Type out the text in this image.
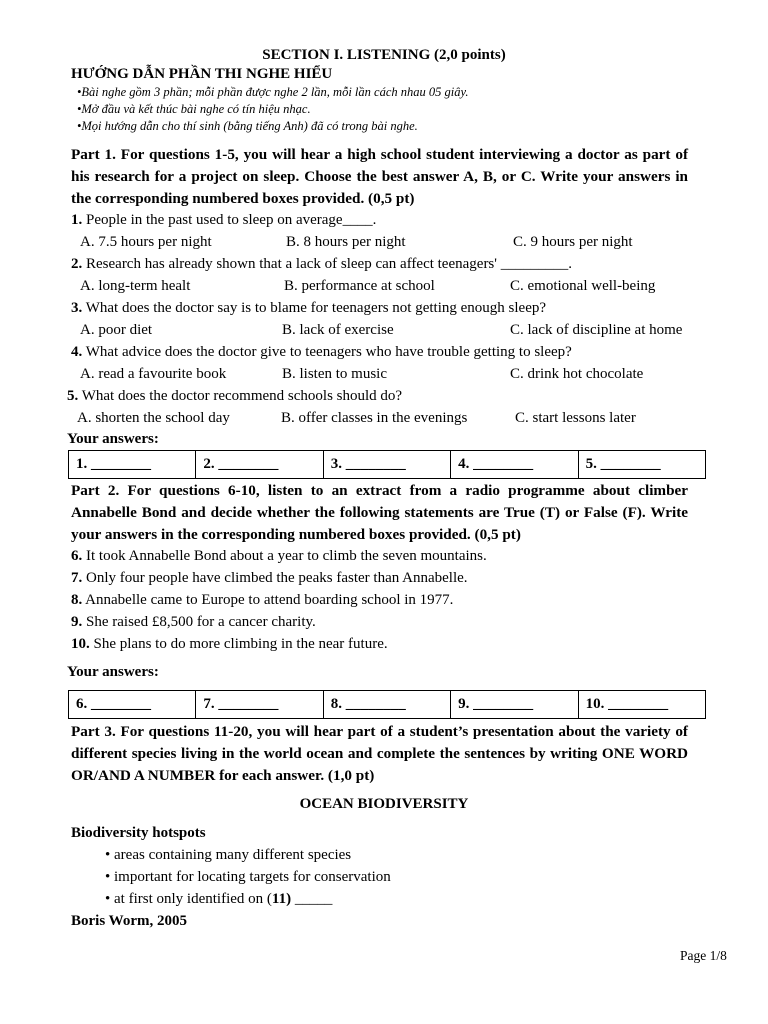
SECTION I. LISTENING (2,0 points)
HƯỚNG DẪN PHẦN THI NGHE HIỂU
•Bài nghe gồm 3 phần; mỗi phần được nghe 2 lần, mỗi lần cách nhau 05 giây.
•Mở đầu và kết thúc bài nghe có tín hiệu nhạc.
•Mọi hướng dẫn cho thí sinh (bằng tiếng Anh) đã có trong bài nghe.
Part 1. For questions 1-5, you will hear a high school student interviewing a doctor as part of his research for a project on sleep. Choose the best answer A, B, or C. Write your answers in the corresponding numbered boxes provided. (0,5 pt)
1. People in the past used to sleep on average____.
A. 7.5 hours per night	B. 8 hours per night	C. 9 hours per night
2. Research has already shown that a lack of sleep can affect teenagers' _________.
A. long-term healt	B. performance at school	C. emotional well-being
3. What does the doctor say is to blame for teenagers not getting enough sleep?
A. poor diet	B. lack of exercise	C. lack of discipline at home
4. What advice does the doctor give to teenagers who have trouble getting to sleep?
A. read a favourite book	B. listen to music	C. drink hot chocolate
5. What does the doctor recommend schools should do?
A. shorten the school day	B. offer classes in the evenings	C. start lessons later
Your answers:
1. ________	2. ________	3. ________	4. ________	5. ________
Part 2. For questions 6-10, listen to an extract from a radio programme about climber Annabelle Bond and decide whether the following statements are True (T) or False (F). Write your answers in the corresponding numbered boxes provided. (0,5 pt)
6. It took Annabelle Bond about a year to climb the seven mountains.
7. Only four people have climbed the peaks faster than Annabelle.
8. Annabelle came to Europe to attend boarding school in 1977.
9. She raised £8,500 for a cancer charity.
10. She plans to do more climbing in the near future.
Your answers:
6. ________	7. ________	8. ________	9. ________	10. ________
Part 3. For questions 11-20, you will hear part of a student’s presentation about the variety of different species living in the world ocean and complete the sentences by writing ONE WORD OR/AND A NUMBER for each answer. (1,0 pt)
OCEAN BIODIVERSITY
Biodiversity hotspots
• areas containing many different species
• important for locating targets for conservation
• at first only identified on (11) _____
Boris Worm, 2005
Page 1/8
